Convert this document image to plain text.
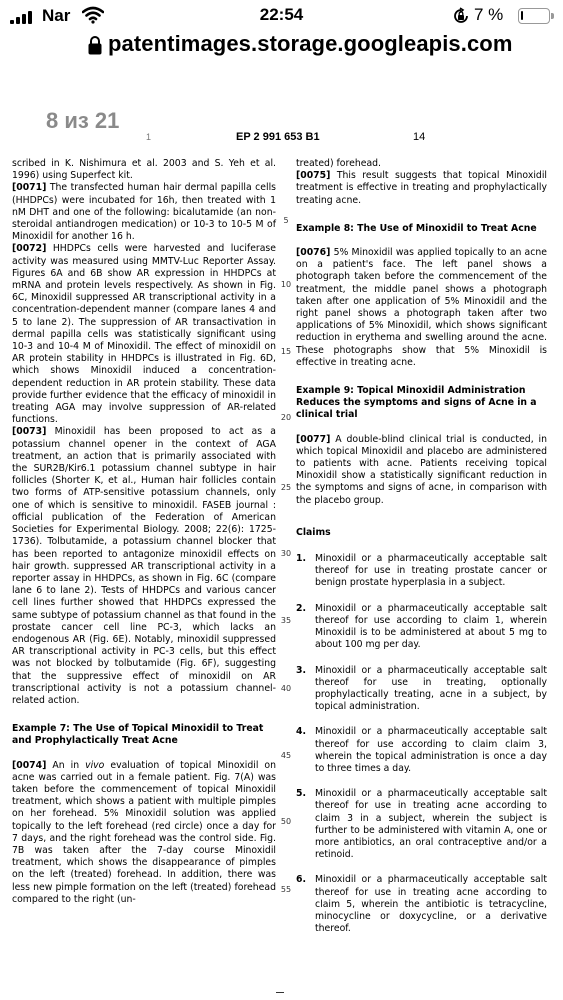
Nar	22:54	7 %
patentimages.storage.googleapis.com
8 из 21
1	EP 2 991 653 B1	14

scribed in K. Nishimura et al. 2003 and S. Yeh et al. 1996) using Superfect kit.

[0071] The transfected human hair dermal papilla cells (HHDPCs) were incubated for 16h, then treated with 1 nM DHT and one of the following: bicalutamide (an non-steroidal antiandrogen medication) or 10-3 to 10-5 M of Minoxidil for another 16 h.

[0072] HHDPCs cells were harvested and luciferase activity was measured using MMTV-Luc Reporter Assay. Figures 6A and 6B show AR expression in HHDPCs at mRNA and protein levels respectively. As shown in Fig. 6C, Minoxidil suppressed AR transcriptional activity in a concentration-dependent manner (compare lanes 4 and 5 to lane 2). The suppression of AR transactivation in dermal papilla cells was statistically significant using 10-3 and 10-4 M of Minoxidil. The effect of minoxidil on AR protein stability in HHDPCs is illustrated in Fig. 6D, which shows Minoxidil induced a concentration-dependent reduction in AR protein stability. These data provide further evidence that the efficacy of minoxidil in treating AGA may involve suppression of AR-related functions.

[0073] Minoxidil has been proposed to act as a potassium channel opener in the context of AGA treatment, an action that is primarily associated with the SUR2B/Kir6.1 potassium channel subtype in hair follicles (Shorter K, et al., Human hair follicles contain two forms of ATP-sensitive potassium channels, only one of which is sensitive to minoxidil. FASEB journal : official publication of the Federation of American Societies for Experimental Biology. 2008; 22(6): 1725-1736). Tolbutamide, a potassium channel blocker that has been reported to antagonize minoxidil effects on hair growth. suppressed AR transcriptional activity in a reporter assay in HHDPCs, as shown in Fig. 6C (compare lane 6 to lane 2). Tests of HHDPCs and various cancer cell lines further showed that HHDPCs expressed the same subtype of potassium channel as that found in the prostate cancer cell line PC-3, which lacks an endogenous AR (Fig. 6E). Notably, minoxidil suppressed AR transcriptional activity in PC-3 cells, but this effect was not blocked by tolbutamide (Fig. 6F), suggesting that the suppressive effect of minoxidil on AR transcriptional activity is not a potassium channel-related action.

Example 7: The Use of Topical Minoxidil to Treat and Prophylactically Treat Acne

[0074] An in vivo evaluation of topical Minoxidil on acne was carried out in a female patient. Fig. 7(A) was taken before the commencement of topical Minoxidil treatment, which shows a patient with multiple pimples on her forehead. 5% Minoxidil solution was applied topically to the left forehead (red circle) once a day for 7 days, and the right forehead was the control side. Fig. 7B was taken after the 7-day course Minoxidil treatment, which shows the disappearance of pimples on the left (treated) forehead. In addition, there was less new pimple formation on the left (treated) forehead compared to the right (un-

5
10
15
20
25
30
35
40
45
50
55

treated) forehead.

[0075] This result suggests that topical Minoxidil treatment is effective in treating and prophylactically treating acne.

Example 8: The Use of Minoxidil to Treat Acne

[0076] 5% Minoxidil was applied topically to an acne on a patient's face. The left panel shows a photograph taken before the commencement of the treatment, the middle panel shows a photograph taken after one application of 5% Minoxidil and the right panel shows a photograph taken after two applications of 5% Minoxidil, which shows significant reduction in erythema and swelling around the acne. These photographs show that 5% Minoxidil is effective in treating acne.

Example 9: Topical Minoxidil Administration Reduces the symptoms and signs of Acne in a clinical trial

[0077] A double-blind clinical trial is conducted, in which topical Minoxidil and placebo are administered to patients with acne. Patients receiving topical Minoxidil show a statistically significant reduction in the symptoms and signs of acne, in comparison with the placebo group.

Claims

1. Minoxidil or a pharmaceutically acceptable salt thereof for use in treating prostate cancer or benign prostate hyperplasia in a subject.
2. Minoxidil or a pharmaceutically acceptable salt thereof for use according to claim 1, wherein Minoxidil is to be administered at about 5 mg to about 100 mg per day.
3. Minoxidil or a pharmaceutically acceptable salt thereof for use in treating, optionally prophylactically treating, acne in a subject, by topical administration.
4. Minoxidil or a pharmaceutically acceptable salt thereof for use according to claim claim 3, wherein the topical administration is once a day to three times a day.
5. Minoxidil or a pharmaceutically acceptable salt thereof for use in treating acne according to claim 3 in a subject, wherein the subject is further to be administered with vitamin A, one or more antibiotics, an oral contraceptive and/or a retinoid.
6. Minoxidil or a pharmaceutically acceptable salt thereof for use in treating acne according to claim 5, wherein the antibiotic is tetracycline, minocycline or doxycycline, or a derivative thereof.
